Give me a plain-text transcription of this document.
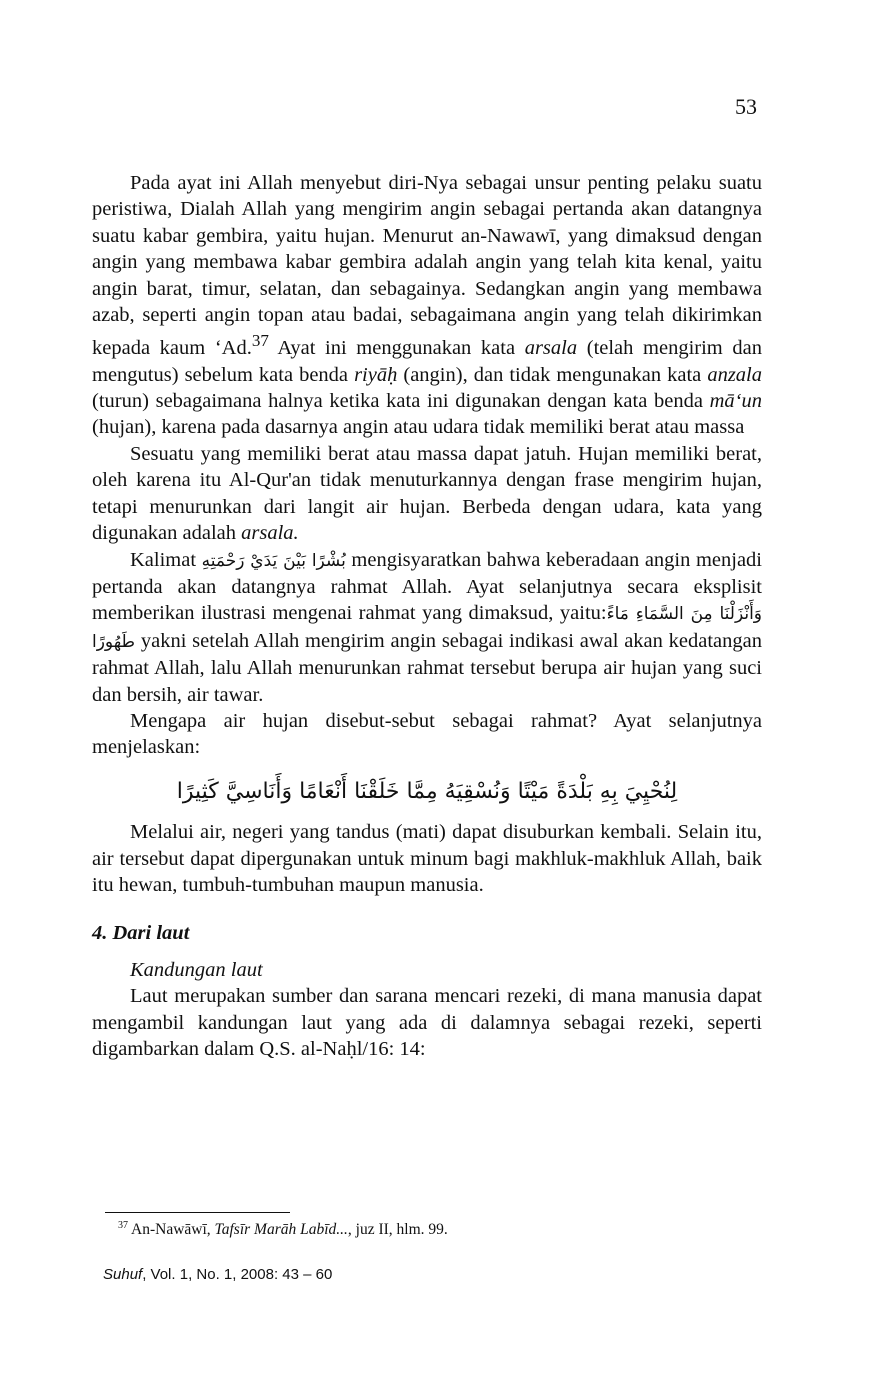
53

Pada ayat ini Allah menyebut diri-Nya sebagai unsur penting pelaku suatu peristiwa, Dialah Allah yang mengirim angin sebagai pertanda akan datangnya suatu kabar gembira, yaitu hujan. Menurut an-Nawawī, yang dimaksud dengan angin yang membawa kabar gembira adalah angin yang telah kita kenal, yaitu angin barat, timur, selatan, dan sebagainya. Sedangkan angin yang membawa azab, seperti angin topan atau badai, sebagaimana angin yang telah dikirimkan kepada kaum ‘Ad.$^{37}$ Ayat ini menggunakan kata arsala (telah mengirim dan mengutus) sebelum kata benda riyāḥ (angin), dan tidak mengunakan kata anzala (turun) sebagaimana halnya ketika kata ini digunakan dengan kata benda mā‘un (hujan), karena pada dasarnya angin atau udara tidak memiliki berat atau massa

Sesuatu yang memiliki berat atau massa dapat jatuh. Hujan memiliki berat, oleh karena itu Al-Qur'an tidak menuturkannya dengan frase mengirim hujan, tetapi menurunkan dari langit air hujan. Berbeda dengan udara, kata yang digunakan adalah arsala.

Kalimat بُشْرًا بَيْنَ يَدَيْ رَحْمَتِهِ mengisyaratkan bahwa keberadaan angin menjadi pertanda akan datangnya rahmat Allah. Ayat selanjutnya secara eksplisit memberikan ilustrasi mengenai rahmat yang dimaksud, yaitu:وَأَنْزَلْنَا مِنَ السَّمَاءِ مَاءً طَهُورًا yakni setelah Allah mengirim angin sebagai indikasi awal akan kedatangan rahmat Allah, lalu Allah menurunkan rahmat tersebut berupa air hujan yang suci dan bersih, air tawar.

Mengapa air hujan disebut-sebut sebagai rahmat? Ayat selanjutnya menjelaskan:

لِنُحْيِيَ بِهِ بَلْدَةً مَيْتًا وَنُسْقِيَهُ مِمَّا خَلَقْنَا أَنْعَامًا وَأَنَاسِيَّ كَثِيرًا

Melalui air, negeri yang tandus (mati) dapat disuburkan kembali. Selain itu, air tersebut dapat dipergunakan untuk minum bagi makhluk-makhluk Allah, baik itu hewan, tumbuh-tumbuhan maupun manusia.

4. Dari laut

Kandungan laut

Laut merupakan sumber dan sarana mencari rezeki, di mana manusia dapat mengambil kandungan laut yang ada di dalamnya sebagai rezeki, seperti digambarkan dalam Q.S. al-Naḥl/16: 14:

$^{37}$ An-Nawāwī, Tafsīr Marāh Labīd..., juz II, hlm. 99.
Suhuf, Vol. 1, No. 1, 2008: 43 – 60
